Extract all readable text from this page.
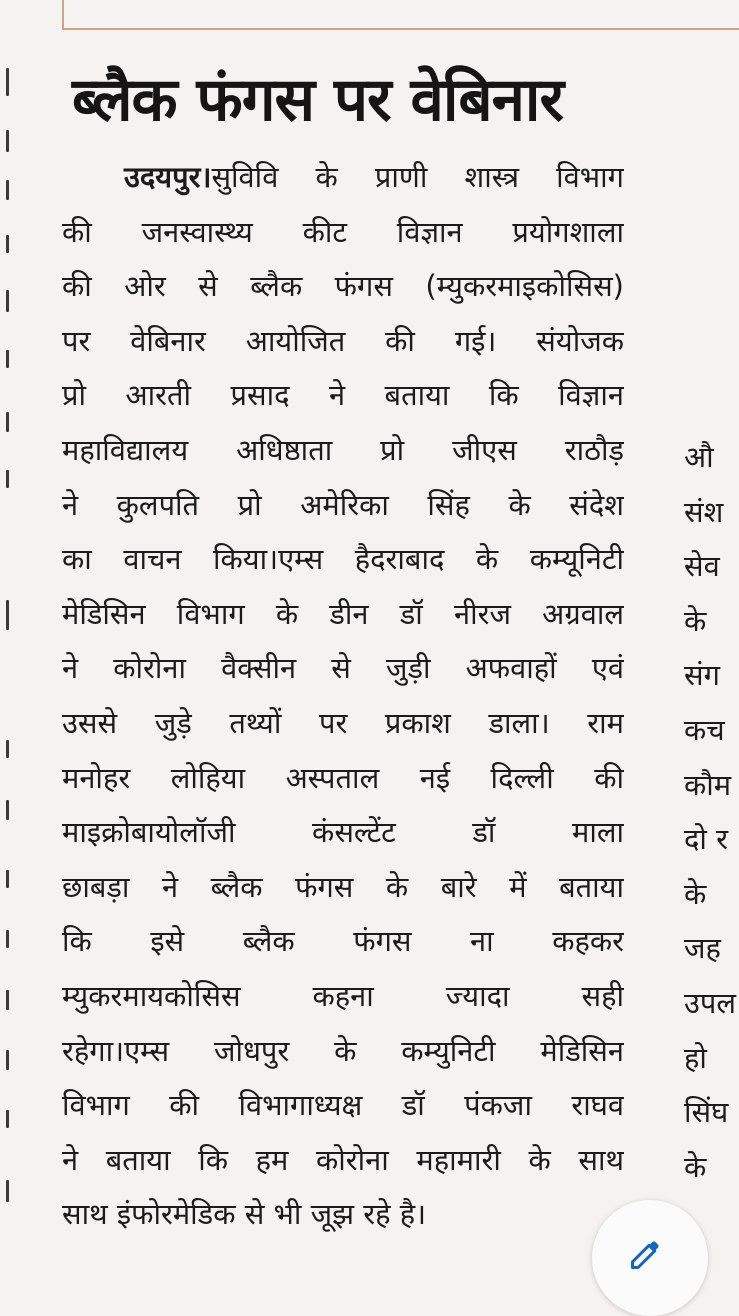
ब्लैक फंगस पर वेबिनार
उदयपुर।सुविवि के प्राणी शास्त्र विभाग
की जनस्वास्थ्य कीट विज्ञान प्रयोगशाला
की ओर से ब्लैक फंगस (म्युकरमाइकोसिस)
पर वेबिनार आयोजित की गई। संयोजक
प्रो आरती प्रसाद ने बताया कि विज्ञान
महाविद्यालय अधिष्ठाता प्रो जीएस राठौड़
ने कुलपति प्रो अमेरिका सिंह के संदेश
का वाचन किया।एम्स हैदराबाद के कम्यूनिटी
मेडिसिन विभाग के डीन डॉ नीरज अग्रवाल
ने कोरोना वैक्सीन से जुड़ी अफवाहों एवं
उससे जुड़े तथ्यों पर प्रकाश डाला। राम
मनोहर लोहिया अस्पताल नई दिल्ली की
माइक्रोबायोलॉजी कंसल्टेंट डॉ माला
छाबड़ा ने ब्लैक फंगस के बारे में बताया
कि इसे ब्लैक फंगस ना कहकर
म्युकरमायकोसिस कहना ज्यादा सही
रहेगा।एम्स जोधपुर के कम्युनिटी मेडिसिन
विभाग की विभागाध्यक्ष डॉ पंकजा राघव
ने बताया कि हम कोरोना महामारी के साथ
साथ इंफोरमेडिक से भी जूझ रहे है।
औ
संश
सेव
के
संग
कच
कौम
दो र
के
जह
उपल
हो
सिंघ
के
